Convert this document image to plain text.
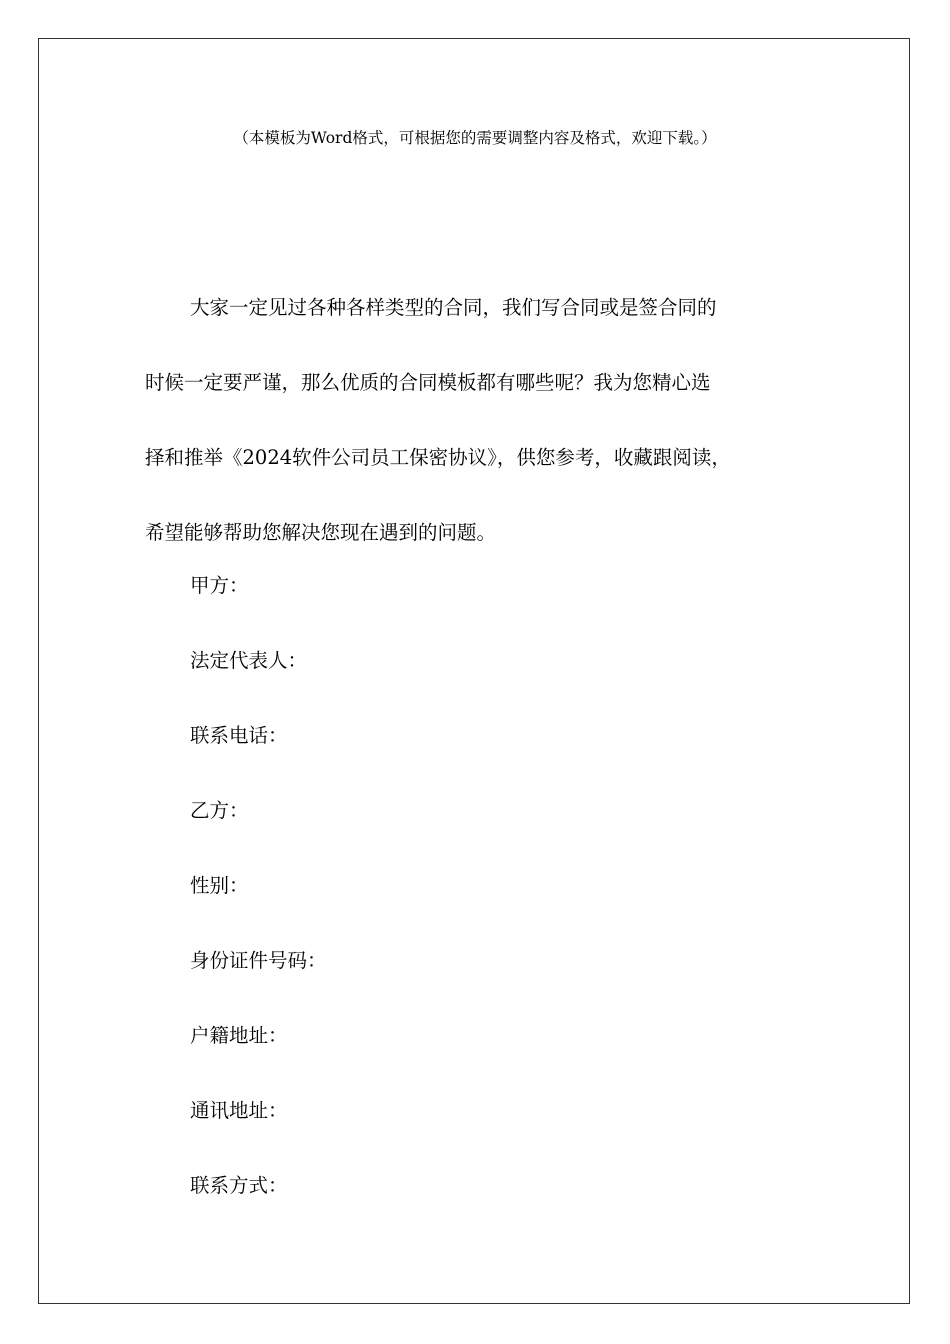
（本模板为Word格式，可根据您的需要调整内容及格式，欢迎下载。）
大家一定见过各种各样类型的合同，我们写合同或是签合同的
时候一定要严谨，那么优质的合同模板都有哪些呢？我为您精心选
择和推举《2024软件公司员工保密协议》，供您参考，收藏跟阅读，
希望能够帮助您解决您现在遇到的问题。
甲方：
法定代表人：
联系电话：
乙方：
性别：
身份证件号码：
户籍地址：
通讯地址：
联系方式：
